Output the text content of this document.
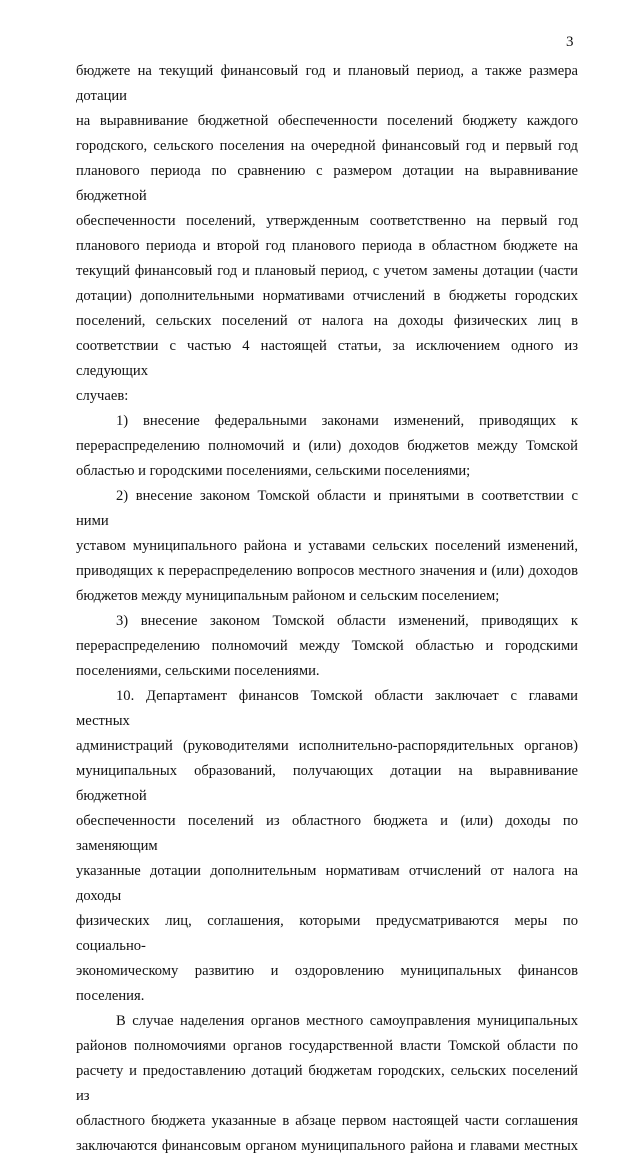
3

бюджете на текущий финансовый год и плановый период, а также размера дотации
на выравнивание бюджетной обеспеченности поселений бюджету каждого
городского, сельского поселения на очередной финансовый год и первый год
планового периода по сравнению с размером дотации на выравнивание бюджетной
обеспеченности поселений, утвержденным соответственно на первый год
планового периода и второй год планового периода в областном бюджете на
текущий финансовый год и плановый период, с учетом замены дотации (части
дотации) дополнительными нормативами отчислений в бюджеты городских
поселений, сельских поселений от налога на доходы физических лиц в
соответствии с частью 4 настоящей статьи, за исключением одного из следующих
случаев:

1) внесение федеральными законами изменений, приводящих к
перераспределению полномочий и (или) доходов бюджетов между Томской
областью и городскими поселениями, сельскими поселениями;

2) внесение законом Томской области и принятыми в соответствии с ними
уставом муниципального района и уставами сельских поселений изменений,
приводящих к перераспределению вопросов местного значения и (или) доходов
бюджетов между муниципальным районом и сельским поселением;

3) внесение законом Томской области изменений, приводящих к
перераспределению полномочий между Томской областью и городскими
поселениями, сельскими поселениями.

10. Департамент финансов Томской области заключает с главами местных
администраций (руководителями исполнительно-распорядительных органов)
муниципальных образований, получающих дотации на выравнивание бюджетной
обеспеченности поселений из областного бюджета и (или) доходы по заменяющим
указанные дотации дополнительным нормативам отчислений от налога на доходы
физических лиц, соглашения, которыми предусматриваются меры по социально-
экономическому развитию и оздоровлению муниципальных финансов поселения.

В случае наделения органов местного самоуправления муниципальных
районов полномочиями органов государственной власти Томской области по
расчету и предоставлению дотаций бюджетам городских, сельских поселений из
областного бюджета указанные в абзаце первом настоящей части соглашения
заключаются финансовым органом муниципального района и главами местных
